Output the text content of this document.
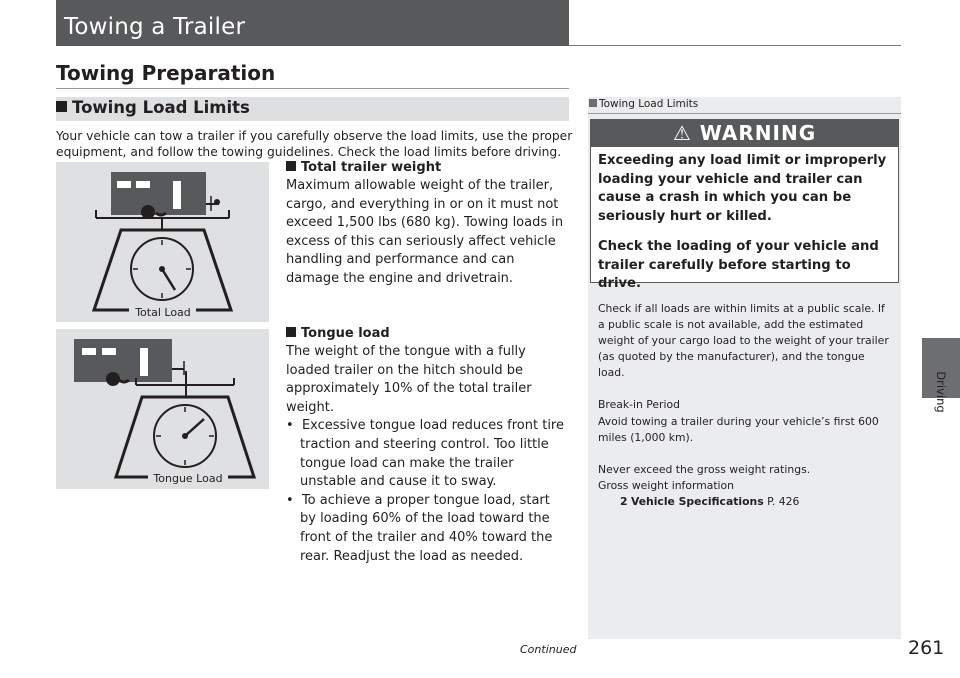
Towing a Trailer
Towing Preparation
Towing Load Limits
Your vehicle can tow a trailer if you carefully observe the load limits, use the proper equipment, and follow the towing guidelines. Check the load limits before driving.
Total Load
Tongue Load
Total trailer weight
Maximum allowable weight of the trailer, cargo, and everything in or on it must not exceed 1,500 lbs (680 kg). Towing loads in excess of this can seriously affect vehicle handling and performance and can damage the engine and drivetrain.
Tongue load
The weight of the tongue with a fully loaded trailer on the hitch should be approximately 10% of the total trailer weight.
•  Excessive tongue load reduces front tire traction and steering control. Too little tongue load can make the trailer unstable and cause it to sway.
•  To achieve a proper tongue load, start by loading 60% of the load toward the front of the trailer and 40% toward the rear. Readjust the load as needed.
Towing Load Limits
⚠ WARNING
Exceeding any load limit or improperly loading your vehicle and trailer can cause a crash in which you can be seriously hurt or killed.
Check the loading of your vehicle and trailer carefully before starting to drive.

Check if all loads are within limits at a public scale. If a public scale is not available, add the estimated weight of your cargo load to the weight of your trailer (as quoted by the manufacturer), and the tongue load.

Break-in Period

Avoid towing a trailer during your vehicle’s first 600 miles (1,000 km).

Never exceed the gross weight ratings.

Gross weight information

2 Vehicle Specifications P. 426

Driving
Continued	261
